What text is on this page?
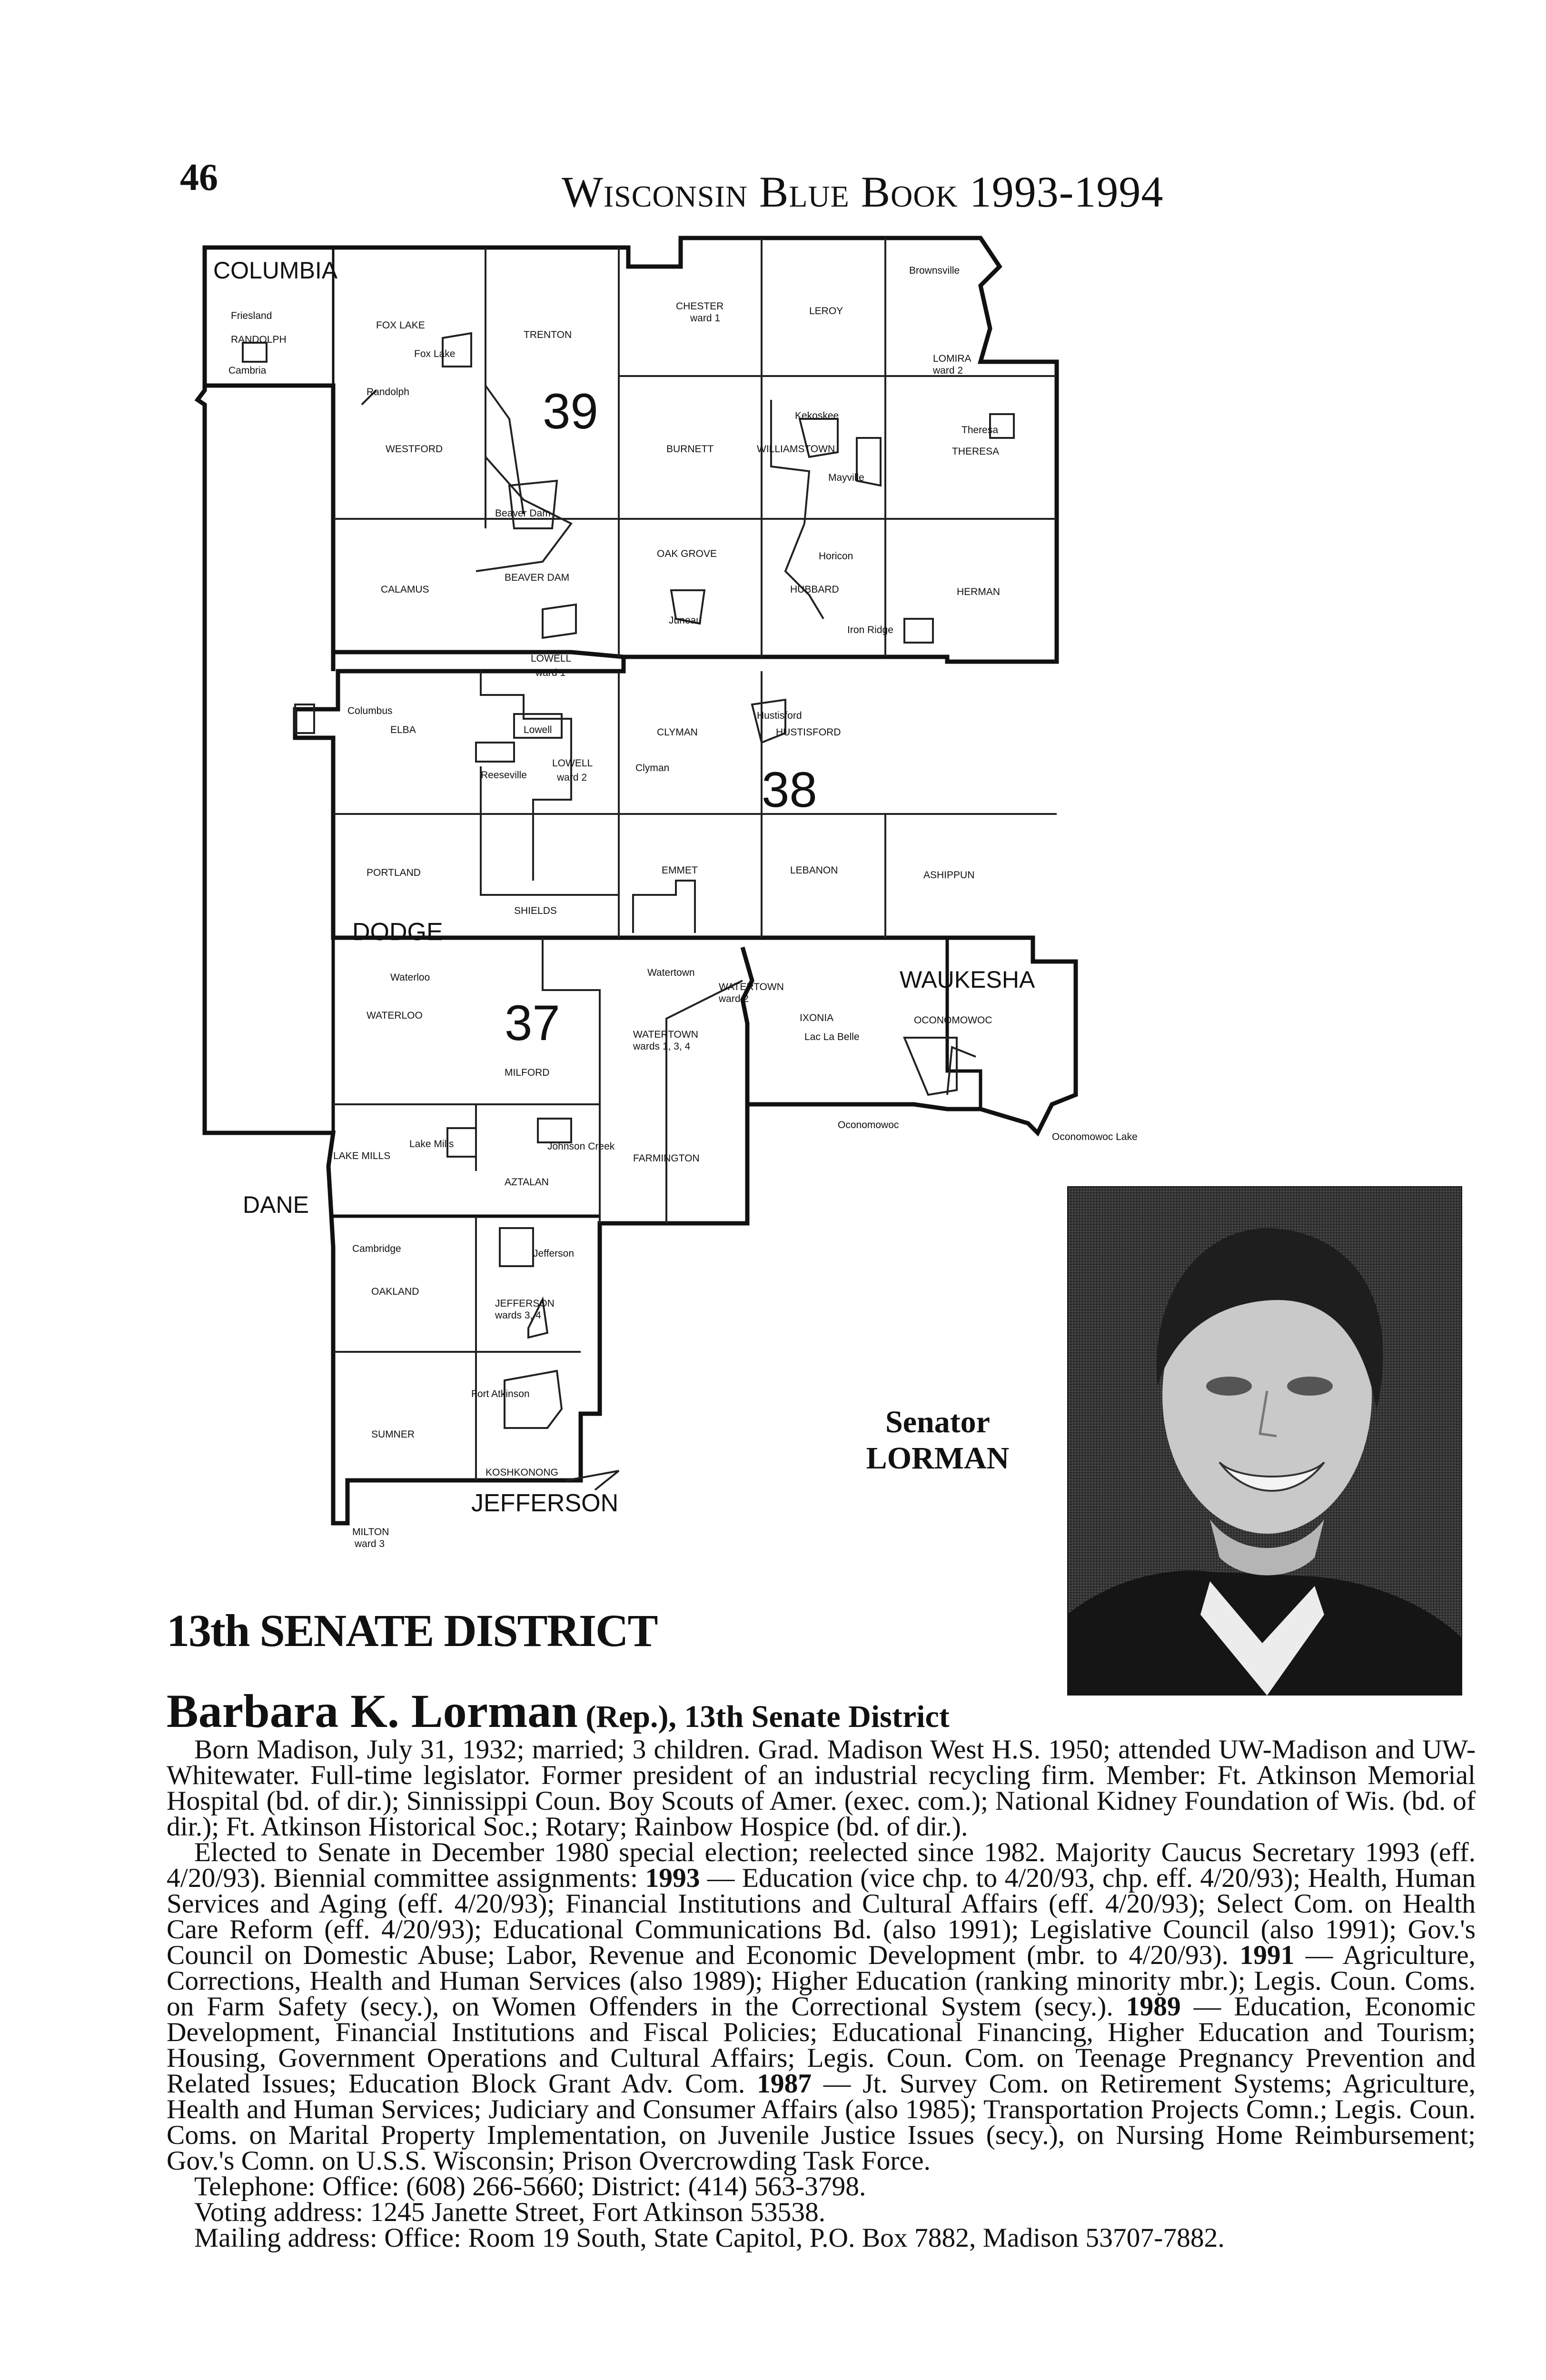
46	Wisconsin Blue Book 1993-1994
COLUMBIA
DODGE
DANE
WAUKESHA
JEFFERSON
39
38
37
Friesland
RANDOLPH
Cambria
FOX LAKE
Fox Lake
TRENTON
CHESTER
ward 1
LEROY
Brownsville
LOMIRA
ward 2
Randolph
WESTFORD	BURNETT
Kekoskee
WILLIAMSTOWN
Theresa
THERESA
Mayville
Beaver Dam
OAK GROVE	Horicon
CALAMUS
BEAVER DAM
HUBBARD	HERMAN
Juneau
Iron Ridge
LOWELL
ward 1
Columbus
ELBA	Lowell	CLYMAN
Hustisford
HUSTISFORD
Reeseville
LOWELL
ward 2
Clyman
PORTLAND	EMMET	LEBANON	ASHIPPUN
SHIELDS
Waterloo
WATERLOO
Watertown
WATERTOWN
ward 2
IXONIA	OCONOMOWOC
WATERTOWN
wards 1, 3, 4
Lac La Belle
MILFORD
Oconomowoc
Oconomowoc Lake
LAKE MILLS
Lake Mills	Johnson Creek
FARMINGTON
AZTALAN
Cambridge	Jefferson
OAKLAND
JEFFERSON
wards 3, 4
Fort Atkinson
SUMNER
KOSHKONONG
MILTON
ward 3
Senator
LORMAN
13th SENATE DISTRICT
Barbara K. Lorman (Rep.), 13th Senate District

Born Madison, July 31, 1932; married; 3 children. Grad. Madison West H.S. 1950; attended UW-Madison and UW-Whitewater. Full-time legislator. Former president of an industrial recycling firm. Member: Ft. Atkinson Memorial Hospital (bd. of dir.); Sinnissippi Coun. Boy Scouts of Amer. (exec. com.); National Kidney Foundation of Wis. (bd. of dir.); Ft. Atkinson Historical Soc.; Rotary; Rainbow Hospice (bd. of dir.).

Elected to Senate in December 1980 special election; reelected since 1982. Majority Caucus Secretary 1993 (eff. 4/20/93). Biennial committee assignments: 1993 — Education (vice chp. to 4/20/93, chp. eff. 4/20/93); Health, Human Services and Aging (eff. 4/20/93); Financial Institutions and Cultural Affairs (eff. 4/20/93); Select Com. on Health Care Reform (eff. 4/20/93); Educational Communications Bd. (also 1991); Legislative Council (also 1991); Gov.'s Council on Domestic Abuse; Labor, Revenue and Economic Development (mbr. to 4/20/93). 1991 — Agriculture, Corrections, Health and Human Services (also 1989); Higher Education (ranking minority mbr.); Legis. Coun. Coms. on Farm Safety (secy.), on Women Offenders in the Correctional System (secy.). 1989 — Education, Economic Development, Financial Institutions and Fiscal Policies; Educational Financing, Higher Education and Tourism; Housing, Government Operations and Cultural Affairs; Legis. Coun. Com. on Teenage Pregnancy Prevention and Related Issues; Education Block Grant Adv. Com. 1987 — Jt. Survey Com. on Retirement Systems; Agriculture, Health and Human Services; Judiciary and Consumer Affairs (also 1985); Transportation Projects Comn.; Legis. Coun. Coms. on Marital Property Implementation, on Juvenile Justice Issues (secy.), on Nursing Home Reimbursement; Gov.'s Comn. on U.S.S. Wisconsin; Prison Overcrowding Task Force.

Telephone: Office: (608) 266-5660; District: (414) 563-3798.

Voting address: 1245 Janette Street, Fort Atkinson 53538.

Mailing address: Office: Room 19 South, State Capitol, P.O. Box 7882, Madison 53707-7882.
